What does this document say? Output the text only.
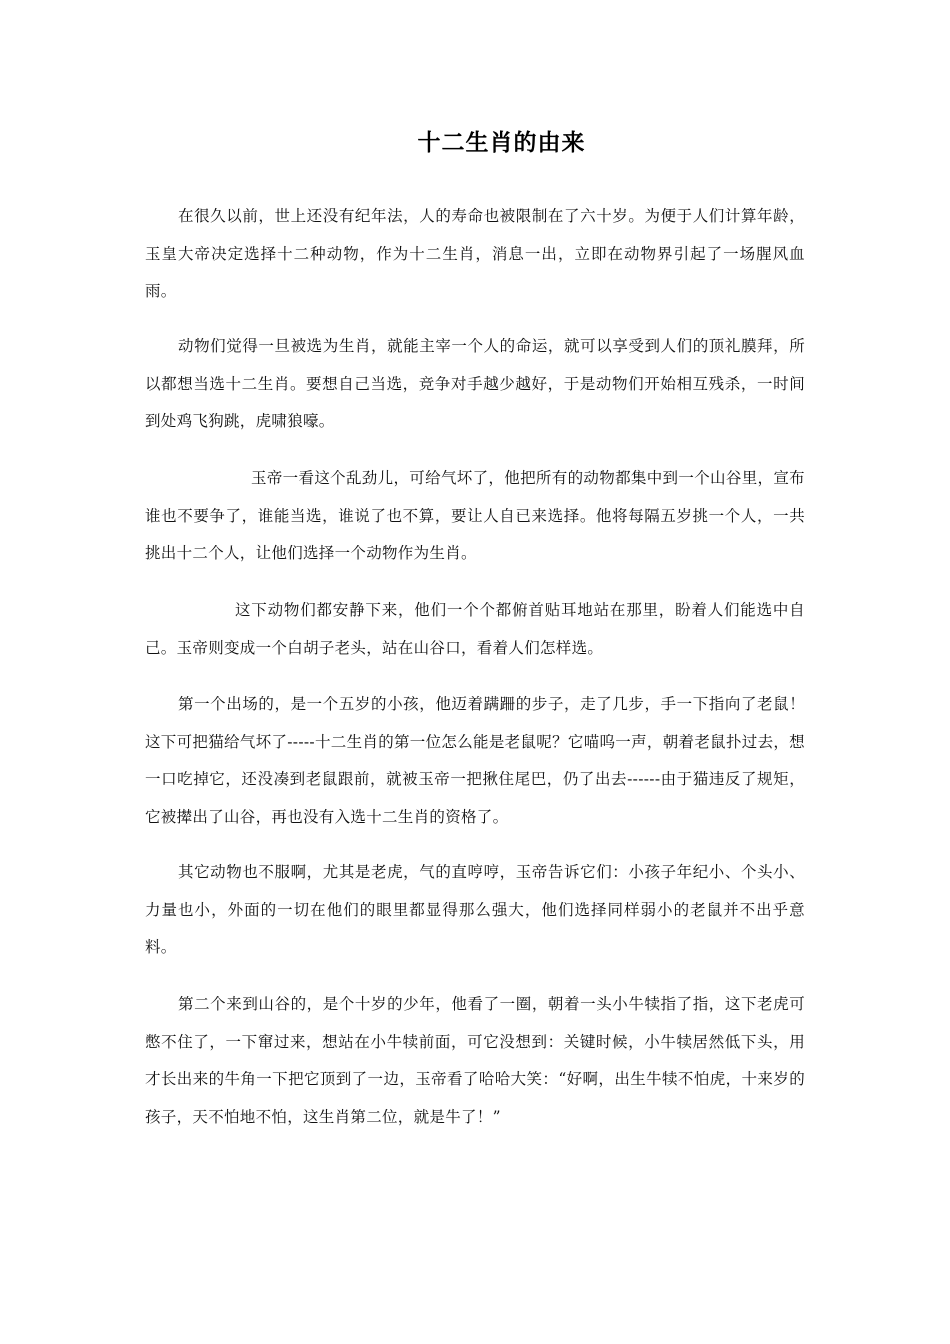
十二生肖的由来

在很久以前，世上还没有纪年法，人的寿命也被限制在了六十岁。为便于人们计算年龄，玉皇大帝决定选择十二种动物，作为十二生肖，消息一出，立即在动物界引起了一场腥风血雨。

动物们觉得一旦被选为生肖，就能主宰一个人的命运，就可以享受到人们的顶礼膜拜，所以都想当选十二生肖。要想自己当选，竞争对手越少越好，于是动物们开始相互残杀，一时间到处鸡飞狗跳，虎啸狼嚎。

玉帝一看这个乱劲儿，可给气坏了，他把所有的动物都集中到一个山谷里，宣布谁也不要争了，谁能当选，谁说了也不算，要让人自已来选择。他将每隔五岁挑一个人，一共挑出十二个人，让他们选择一个动物作为生肖。

这下动物们都安静下来，他们一个个都俯首贴耳地站在那里，盼着人们能选中自己。玉帝则变成一个白胡子老头，站在山谷口，看着人们怎样选。

第一个出场的，是一个五岁的小孩，他迈着蹒跚的步子，走了几步，手一下指向了老鼠！这下可把猫给气坏了-----十二生肖的第一位怎么能是老鼠呢？它喵呜一声，朝着老鼠扑过去，想一口吃掉它，还没凑到老鼠跟前，就被玉帝一把揪住尾巴，仍了出去------由于猫违反了规矩，它被撵出了山谷，再也没有入选十二生肖的资格了。

其它动物也不服啊，尤其是老虎，气的直哼哼，玉帝告诉它们：小孩子年纪小、个头小、力量也小，外面的一切在他们的眼里都显得那么强大，他们选择同样弱小的老鼠并不出乎意料。

第二个来到山谷的，是个十岁的少年，他看了一圈，朝着一头小牛犊指了指，这下老虎可憋不住了，一下窜过来，想站在小牛犊前面，可它没想到：关键时候，小牛犊居然低下头，用才长出来的牛角一下把它顶到了一边，玉帝看了哈哈大笑：“好啊，出生牛犊不怕虎，十来岁的孩子，天不怕地不怕，这生肖第二位，就是牛了！”
